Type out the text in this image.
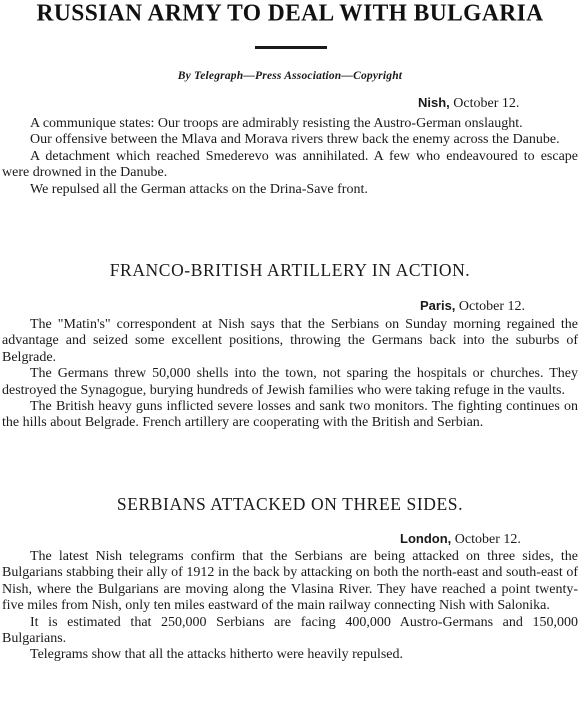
RUSSIAN ARMY TO DEAL WITH BULGARIA
By Telegraph—Press Association—Copyright
Nish, October 12.

A communique states: Our troops are admirably resisting the Austro-German onslaught.

Our offensive between the Mlava and Morava rivers threw back the enemy across the Danube.

A detachment which reached Smederevo was annihilated. A few who endeavoured to escape were drowned in the Danube.

We repulsed all the German attacks on the Drina-Save front.

FRANCO-BRITISH ARTILLERY IN ACTION.
Paris, October 12.

The "Matin's" correspondent at Nish says that the Serbians on Sunday morning regained the advantage and seized some excellent positions, throwing the Germans back into the suburbs of Belgrade.

The Germans threw 50,000 shells into the town, not sparing the hospitals or churches. They destroyed the Synagogue, burying hundreds of Jewish families who were taking refuge in the vaults.

The British heavy guns inflicted severe losses and sank two monitors. The fighting continues on the hills about Belgrade. French artillery are cooperating with the British and Serbian.

SERBIANS ATTACKED ON THREE SIDES.
London, October 12.

The latest Nish telegrams confirm that the Serbians are being attacked on three sides, the Bulgarians stabbing their ally of 1912 in the back by attacking on both the north-east and south-east of Nish, where the Bulgarians are moving along the Vlasina River. They have reached a point twenty-five miles from Nish, only ten miles eastward of the main railway connecting Nish with Salonika.

It is estimated that 250,000 Serbians are facing 400,000 Austro-Germans and 150,000 Bulgarians.

Telegrams show that all the attacks hitherto were heavily repulsed.
